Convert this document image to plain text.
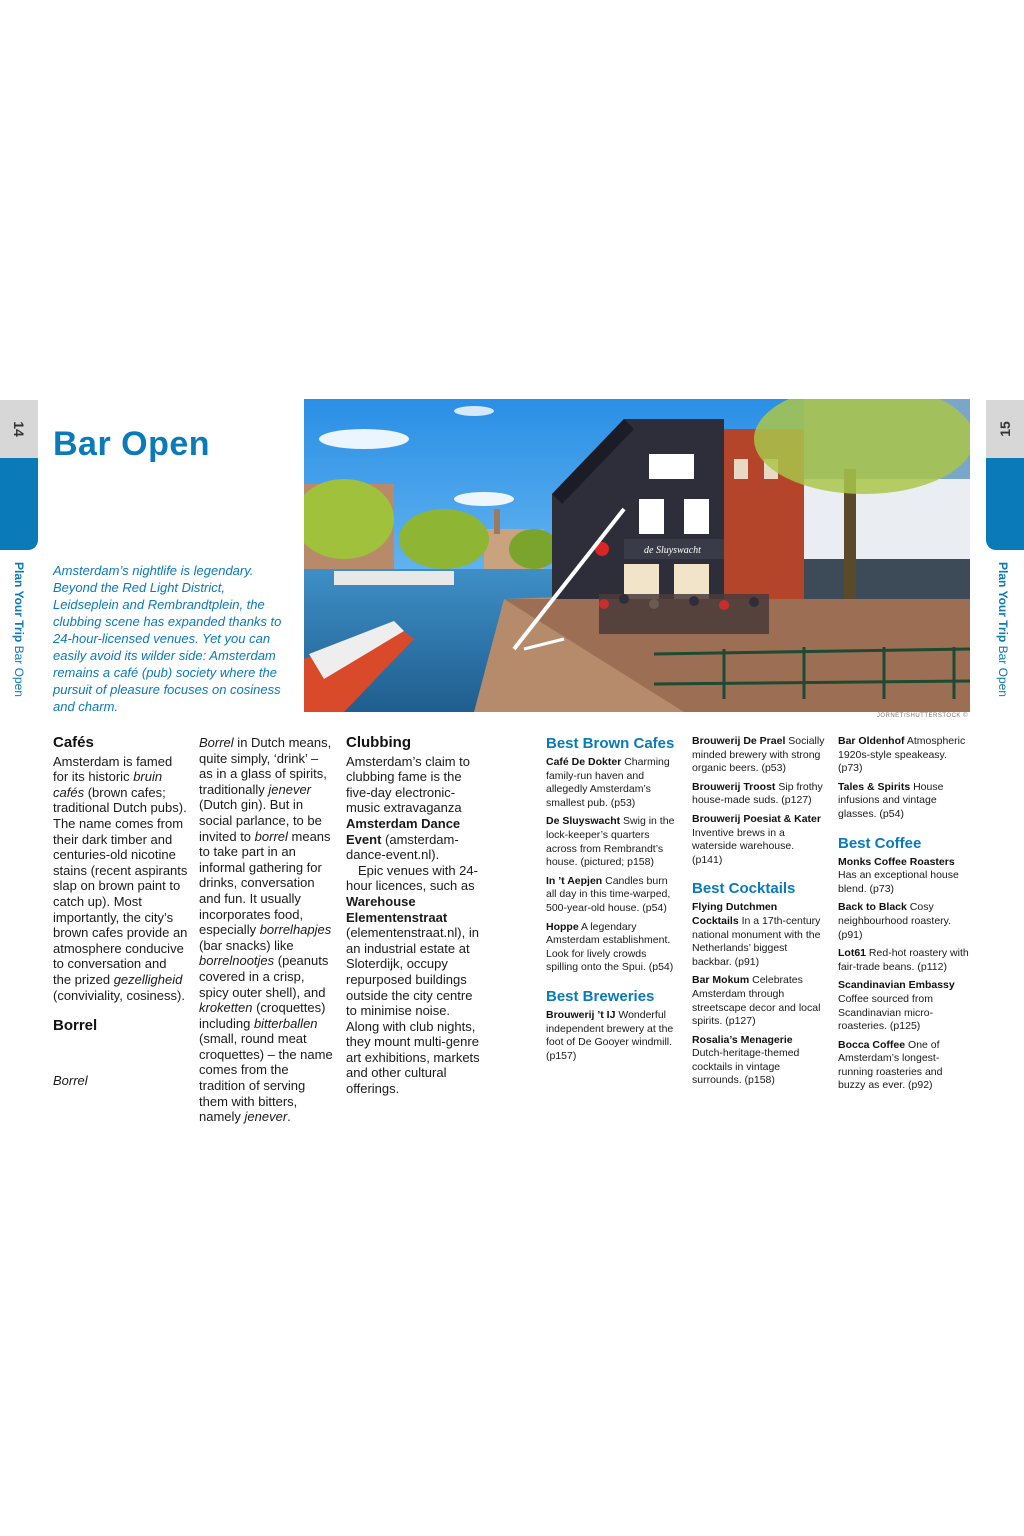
14
Plan Your Trip Bar Open
15
Plan Your Trip Bar Open
Bar Open

Amsterdam’s nightlife is legendary. Beyond the Red Light District, Leidseplein and Rembrandtplein, the clubbing scene has expanded thanks to 24-hour-licensed venues. Yet you can easily avoid its wilder side: Amsterdam remains a café (pub) society where the pursuit of pleasure focuses on cosiness and charm.

de Sluyswacht
JORNET/SHUTTERSTOCK ©
Cafés

Amsterdam is famed for its historic bruin cafés (brown cafes; traditional Dutch pubs). The name comes from their dark timber and centuries-old nicotine stains (recent aspirants slap on brown paint to catch up). Most importantly, the city’s brown cafes provide an atmosphere conducive to conversation and the prized gezelligheid (conviviality, cosiness).

Borrel

Borrel

Borrel in Dutch means, quite simply, ‘drink’ – as in a glass of spirits, traditionally jenever (Dutch gin). But in social parlance, to be invited to borrel means to take part in an informal gathering for drinks, conversation and fun. It usually incorporates food, especially borrelhapjes (bar snacks) like borrelnootjes (peanuts covered in a crisp, spicy outer shell), and kroketten (croquettes) including bitterballen (small, round meat croquettes) – the name comes from the tradition of serving them with bitters, namely jenever.

Clubbing

Amsterdam’s claim to clubbing fame is the five-day electronic-music extravaganza Amsterdam Dance Event (amsterdam-dance-event.nl).

Epic venues with 24-hour licences, such as Warehouse Elementenstraat (elementenstraat.nl), in an industrial estate at Sloterdijk, occupy repurposed buildings outside the city centre to minimise noise. Along with club nights, they mount multi-genre art exhibitions, markets and other cultural offerings.

Best Brown Cafes

Café De Dokter Charming family-run haven and allegedly Amsterdam’s smallest pub. (p53)

De Sluyswacht Swig in the lock-keeper’s quarters across from Rembrandt’s house. (pictured; p158)

In ’t Aepjen Candles burn all day in this time-warped, 500-year-old house. (p54)

Hoppe A legendary Amsterdam establishment. Look for lively crowds spilling onto the Spui. (p54)

Best Breweries

Brouwerij ’t IJ Wonderful independent brewery at the foot of De Gooyer windmill. (p157)

Brouwerij De Prael Socially minded brewery with strong organic beers. (p53)

Brouwerij Troost Sip frothy house-made suds. (p127)

Brouwerij Poesiat & Kater Inventive brews in a waterside warehouse. (p141)

Best Cocktails

Flying Dutchmen Cocktails In a 17th-century national monument with the Netherlands’ biggest backbar. (p91)

Bar Mokum Celebrates Amsterdam through streetscape decor and local spirits. (p127)

Rosalia’s Menagerie Dutch-heritage-themed cocktails in vintage surrounds. (p158)

Bar Oldenhof Atmospheric 1920s-style speakeasy. (p73)

Tales & Spirits House infusions and vintage glasses. (p54)

Best Coffee

Monks Coffee Roasters Has an exceptional house blend. (p73)

Back to Black Cosy neighbourhood roastery. (p91)

Lot61 Red-hot roastery with fair-trade beans. (p112)

Scandinavian Embassy Coffee sourced from Scandinavian micro-roasteries. (p125)

Bocca Coffee One of Amsterdam’s longest-running roasteries and buzzy as ever. (p92)
